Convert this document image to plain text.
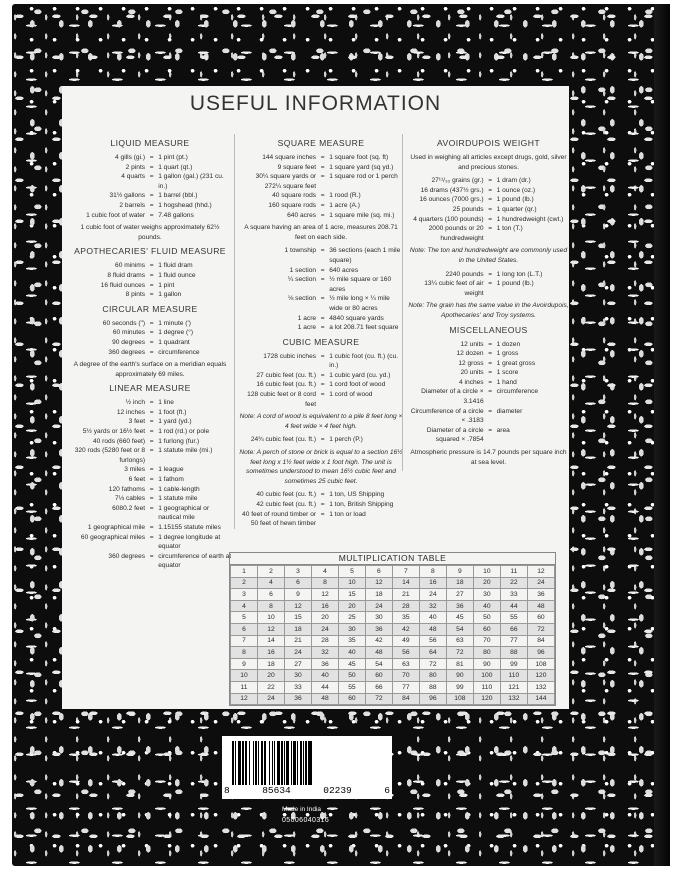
USEFUL INFORMATION
LIQUID MEASURE
4 gills (gi.) = 1 pint (pt.)
2 pints = 1 quart (qt.)
4 quarts = 1 gallon (gal.) (231 cu. in.)
31½ gallons = 1 barrel (bbl.)
2 barrels = 1 hogshead (hhd.)
1 cubic foot of water = 7.48 gallons
1 cubic foot of water weighs approximately 62½ pounds.
APOTHECARIES' FLUID MEASURE
60 minims = 1 fluid dram
8 fluid drams = 1 fluid ounce
16 fluid ounces = 1 pint
8 pints = 1 gallon
CIRCULAR MEASURE
60 seconds (") = 1 minute (')
60 minutes = 1 degree (°)
90 degrees = 1 quadrant
360 degrees = circumference
A degree of the earth's surface on a meridian equals approximately 69 miles.
LINEAR MEASURE
½ inch = 1 line
12 inches = 1 foot (ft.)
3 feet = 1 yard (yd.)
5½ yards or 16½ feet = 1 rod (rd.) or pole
40 rods (660 feet) = 1 furlong (fur.)
320 rods (5280 feet or 8 furlongs)
= 1 statute mile (mi.)
3 miles = 1 league
6 feet = 1 fathom
120 fathoms = 1 cable-length
7⅓ cables = 1 statute mile
6080.2 feet = 1 geographical or nautical mile
1 geographical mile = 1.15155 statute miles
60 geographical miles = 1 degree longitude at equator
360 degrees = circumference of earth at equator
SQUARE MEASURE
144 square inches = 1 square foot (sq. ft)
9 square feet = 1 square yard (sq yd.)
30¼ square yards or 272¼ square feet
= 1 square rod or 1 perch
40 square rods = 1 rood (R.)
160 square rods = 1 acre (A.)
640 acres = 1 square mile (sq. mi.)
A square having an area of 1 acre, measures 208.71 feet on each side.
1 township = 36 sections (each 1 mile square)
1 section = 640 acres
¼ section = ½ mile square or 160 acres
⅛ section = ½ mile long × ¼ mile wide or 80 acres
1 acre = 4840 square yards
1 acre = a lot 208.71 feet square
CUBIC MEASURE
1728 cubic inches = 1 cubic foot (cu. ft.) (cu. in.)
27 cubic feet (cu. ft.) = 1 cubic yard (cu. yd.)
16 cubic feet (cu. ft.) = 1 cord foot of wood
128 cubic feet or 8 cord feet
= 1 cord of wood
Note: A cord of wood is equivalent to a pile 8 feet long × 4 feet wide × 4 feet high.
24¾ cubic feet (cu. ft.) = 1 perch (P.)
Note: A perch of stone or brick is equal to a section 16½ feet long x 1½ feet wide x 1 foot high. The unit is sometimes understood to mean 16½ cubic feet and sometimes 25 cubic feet.
40 cubic feet (cu. ft.) = 1 ton, US Shipping
42 cubic feet (cu. ft.) = 1 ton, British Shipping
40 feet of round timber or 50 feet of hewn timber
= 1 ton or load
AVOIRDUPOIS WEIGHT
Used in weighing all articles except drugs, gold, silver and precious stones.
27¹¹/₃₂ grains (gr.) = 1 dram (dr.)
16 drams (437½ grs.) = 1 ounce (oz.)
16 ounces (7000 grs.) = 1 pound (lb.)
25 pounds = 1 quarter (qr.)
4 quarters (100 pounds) = 1 hundredweight (cwt.)
2000 pounds or 20 hundredweight
= 1 ton (T.)
Note: The ton and hundredweight are commonly used in the United States.
2240 pounds = 1 long ton (L.T.)
13¼ cubic feet of air weight
= 1 pound (lb.)
Note: The grain has the same value in the Avoirdupois, Apothecaries' and Troy systems.
MISCELLANEOUS
12 units = 1 dozen
12 dozen = 1 gross
12 gross = 1 great gross
20 units = 1 score
4 inches = 1 hand
Diameter of a circle × 3.1416
= circumference
Circumference of a circle × .3183
= diameter
Diameter of a circle squared × .7854
= area
Atmospheric pressure is 14.7 pounds per square inch at sea level.
MULTIPLICATION TABLE
1	2	3	4	5	6	7	8	9	10	11	12
2	4	6	8	10	12	14	16	18	20	22	24
3	6	9	12	15	18	21	24	27	30	33	36
4	8	12	16	20	24	28	32	36	40	44	48
5	10	15	20	25	30	35	40	45	50	55	60
6	12	18	24	30	36	42	48	54	60	66	72
7	14	21	28	35	42	49	56	63	70	77	84
8	16	24	32	40	48	56	64	72	80	88	96
9	18	27	36	45	54	63	72	81	90	99	108
10	20	30	40	50	60	70	80	90	100	110	120
11	22	33	44	55	66	77	88	99	110	121	132
12	24	36	48	60	72	84	96	108	120	132	144
8	85634	02239	6
Made in India
05006040316
